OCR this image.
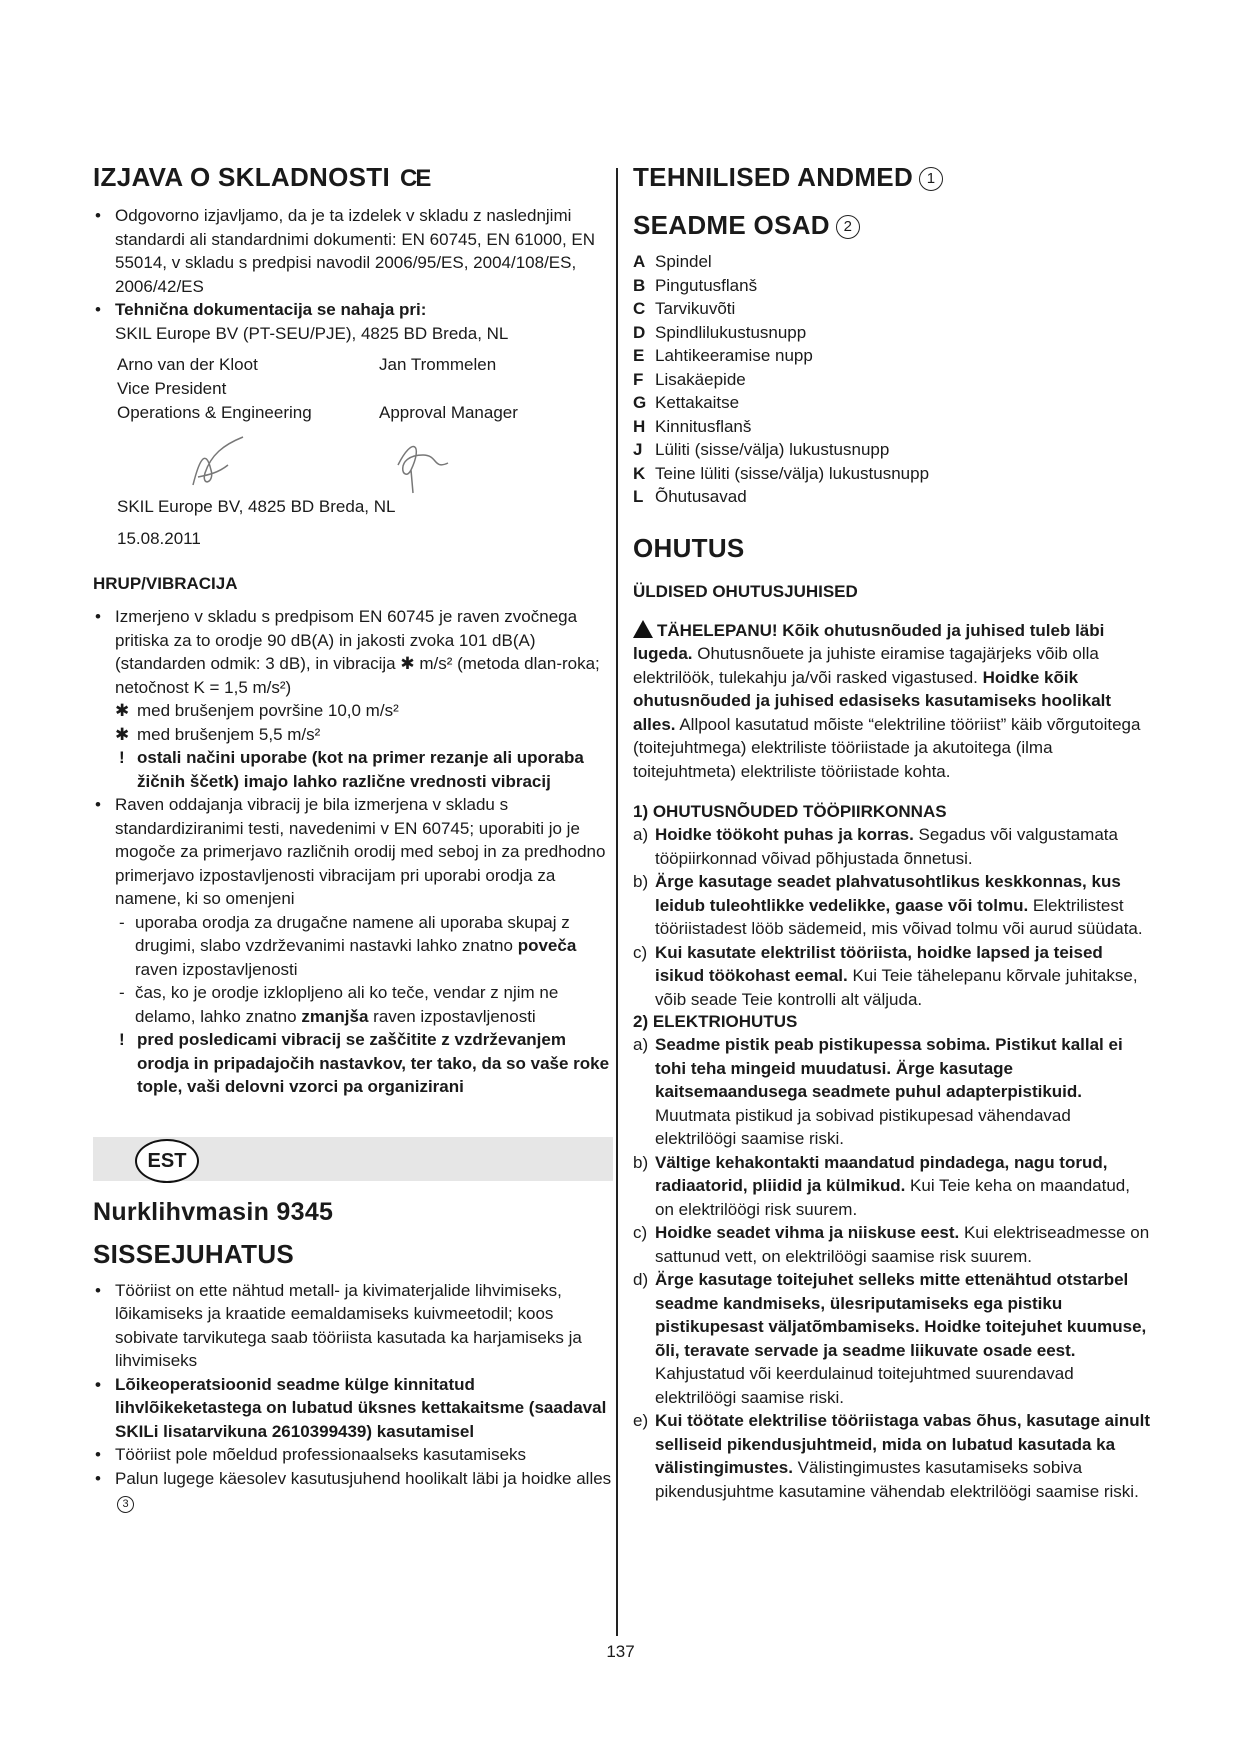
IZJAVA O SKLADNOSTI CE
• Odgovorno izjavljamo, da je ta izdelek v skladu z naslednjimi standardi ali standardnimi dokumenti: EN 60745, EN 61000, EN 55014, v skladu s predpisi navodil 2006/95/ES, 2004/108/ES, 2006/42/ES
• Tehnična dokumentacija se nahaja pri:
SKIL Europe BV (PT-SEU/PJE), 4825 BD Breda, NL
Arno van der Kloot
Vice President
Operations & Engineering
Jan Trommelen

Approval Manager
SKIL Europe BV, 4825 BD Breda, NL
15.08.2011
HRUP/VIBRACIJA
• Izmerjeno v skladu s predpisom EN 60745 je raven zvočnega pritiska za to orodje 90 dB(A) in jakosti zvoka 101 dB(A) (standarden odmik: 3 dB), in vibracija ✱ m/s² (metoda dlan-roka; netočnost K = 1,5 m/s²)
✱ med brušenjem površine 10,0 m/s²
✱ med brušenjem 5,5 m/s²
! ostali načini uporabe (kot na primer rezanje ali uporaba žičnih ščetk) imajo lahko različne vrednosti vibracij
• Raven oddajanja vibracij je bila izmerjena v skladu s standardiziranimi testi, navedenimi v EN 60745; uporabiti jo je mogoče za primerjavo različnih orodij med seboj in za predhodno primerjavo izpostavljenosti vibracijam pri uporabi orodja za namene, ki so omenjeni
- uporaba orodja za drugačne namene ali uporaba skupaj z drugimi, slabo vzdrževanimi nastavki lahko znatno poveča raven izpostavljenosti
- čas, ko je orodje izklopljeno ali ko teče, vendar z njim ne delamo, lahko znatno zmanjša raven izpostavljenosti
! pred posledicami vibracij se zaščitite z vzdrževanjem orodja in pripadajočih nastavkov, ter tako, da so vaše roke tople, vaši delovni vzorci pa organizirani
EST
Nurklihvmasin 9345
SISSEJUHATUS
• Tööriist on ette nähtud metall- ja kivimaterjalide lihvimiseks, lõikamiseks ja kraatide eemaldamiseks kuivmeetodil; koos sobivate tarvikutega saab tööriista kasutada ka harjamiseks ja lihvimiseks
• Lõikeoperatsioonid seadme külge kinnitatud lihvlõikeketastega on lubatud üksnes kettakaitsme (saadaval SKILi lisatarvikuna 2610399439) kasutamisel
• Tööriist pole mõeldud professionaalseks kasutamiseks
• Palun lugege käesolev kasutusjuhend hoolikalt läbi ja hoidke alles3
TEHNILISED ANDMED 1
SEADME OSAD 2
A Spindel
B Pingutusflanš
C Tarvikuvõti
D Spindlilukustusnupp
E Lahtikeeramise nupp
F Lisakäepide
G Kettakaitse
H Kinnitusflanš
J Lüliti (sisse/välja) lukustusnupp
K Teine lüliti (sisse/välja) lukustusnupp
L Õhutusavad
OHUTUS
ÜLDISED OHUTUSJUHISED

TÄHELEPANU! Kõik ohutusnõuded ja juhised tuleb läbi lugeda. Ohutusnõuete ja juhiste eiramise tagajärjeks võib olla elektrilöök, tulekahju ja/või rasked vigastused. Hoidke kõik ohutusnõuded ja juhised edasiseks kasutamiseks hoolikalt alles. Allpool kasutatud mõiste “elektriline tööriist” käib võrgutoitega (toitejuhtmega) elektriliste tööriistade ja akutoitega (ilma toitejuhtmeta) elektriliste tööriistade kohta.

1) OHUTUSNÕUDED TÖÖPIIRKONNAS
a) Hoidke töökoht puhas ja korras. Segadus või valgustamata tööpiirkonnad võivad põhjustada õnnetusi.
b) Ärge kasutage seadet plahvatusohtlikus keskkonnas, kus leidub tuleohtlikke vedelikke, gaase või tolmu. Elektrilistest tööriistadest lööb sädemeid, mis võivad tolmu või aurud süüdata.
c) Kui kasutate elektrilist tööriista, hoidke lapsed ja teised isikud töökohast eemal. Kui Teie tähelepanu kõrvale juhitakse, võib seade Teie kontrolli alt väljuda.
2) ELEKTRIOHUTUS
a) Seadme pistik peab pistikupessa sobima. Pistikut kallal ei tohi teha mingeid muudatusi. Ärge kasutage kaitsemaandusega seadmete puhul adapterpistikuid. Muutmata pistikud ja sobivad pistikupesad vähendavad elektrilöögi saamise riski.
b) Vältige kehakontakti maandatud pindadega, nagu torud, radiaatorid, pliidid ja külmikud. Kui Teie keha on maandatud, on elektrilöögi risk suurem.
c) Hoidke seadet vihma ja niiskuse eest. Kui elektriseadmesse on sattunud vett, on elektrilöögi saamise risk suurem.
d) Ärge kasutage toitejuhet selleks mitte ettenähtud otstarbel seadme kandmiseks, ülesriputamiseks ega pistiku pistikupesast väljatõmbamiseks. Hoidke toitejuhet kuumuse, õli, teravate servade ja seadme liikuvate osade eest. Kahjustatud või keerdulainud toitejuhtmed suurendavad elektrilöögi saamise riski.
e) Kui töötate elektrilise tööriistaga vabas õhus, kasutage ainult selliseid pikendusjuhtmeid, mida on lubatud kasutada ka välistingimustes. Välistingimustes kasutamiseks sobiva pikendusjuhtme kasutamine vähendab elektrilöögi saamise riski.
137
